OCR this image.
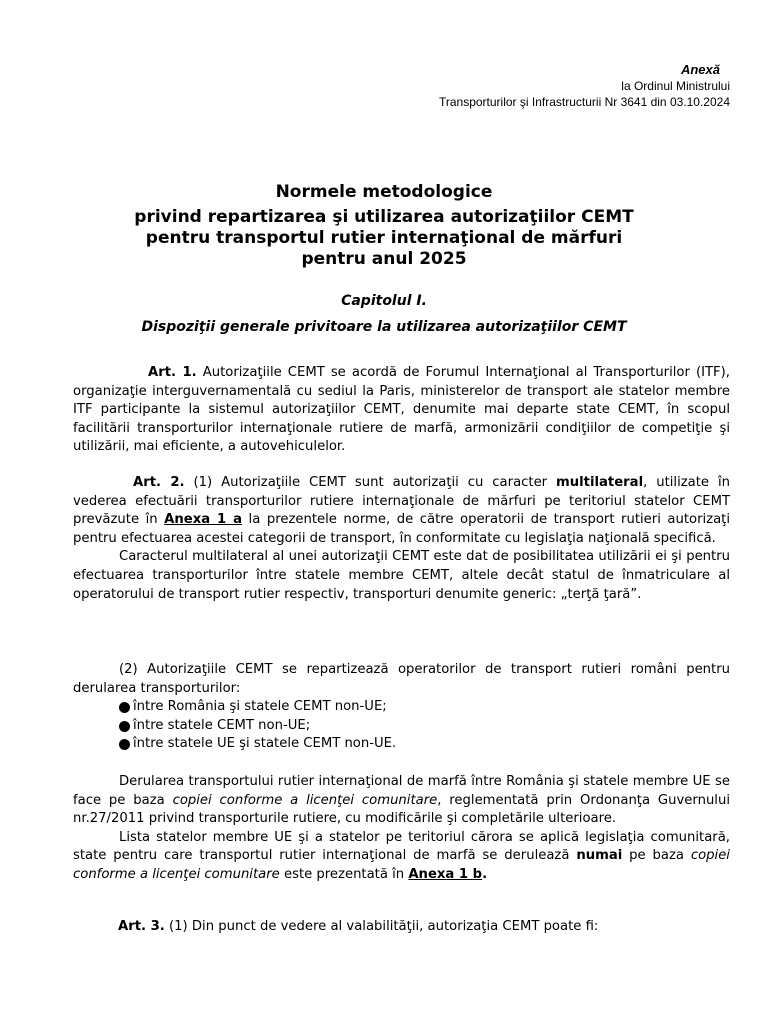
Anexă
la Ordinul Ministrului
Transporturilor şi Infrastructurii Nr 3641 din 03.10.2024
Normele metodologice
privind repartizarea şi utilizarea autorizaţiilor CEMT
pentru transportul rutier internaţional de mărfuri
pentru anul 2025
Capitolul I.
Dispoziţii generale privitoare la utilizarea autorizaţiilor CEMT

Art. 1. Autorizaţiile CEMT se acordă de Forumul Internaţional al Transporturilor (ITF), organizaţie interguvernamentală cu sediul la Paris, ministerelor de transport ale statelor membre ITF participante la sistemul autorizaţiilor CEMT, denumite mai departe state CEMT, în scopul facilitării transporturilor internaţionale rutiere de marfă, armonizării condiţiilor de competiţie şi utilizării, mai eficiente, a autovehiculelor.

Art. 2. (1) Autorizaţiile CEMT sunt autorizaţii cu caracter multilateral, utilizate în vederea efectuării transporturilor rutiere internaţionale de mărfuri pe teritoriul statelor CEMT prevăzute în Anexa 1 a la prezentele norme, de către operatorii de transport rutieri autorizaţi pentru efectuarea acestei categorii de transport, în conformitate cu legislaţia naţională specifică.

Caracterul multilateral al unei autorizaţii CEMT este dat de posibilitatea utilizării ei şi pentru efectuarea transporturilor între statele membre CEMT, altele decât statul de înmatriculare al operatorului de transport rutier respectiv, transporturi denumite generic: „terţă ţară”.

(2) Autorizaţiile CEMT se repartizează operatorilor de transport rutieri români pentru derularea transporturilor:

între România şi statele CEMT non-UE;
între statele CEMT non-UE;
între statele UE şi statele CEMT non-UE.

Derularea transportului rutier internaţional de marfă între România şi statele membre UE se face pe baza copiei conforme a licenţei comunitare, reglementată prin Ordonanţa Guvernului nr.27/2011 privind transporturile rutiere, cu modificările şi completările ulterioare.

Lista statelor membre UE şi a statelor pe teritoriul cărora se aplică legislaţia comunitară, state pentru care transportul rutier internaţional de marfă se derulează numai pe baza copiei conforme a licenţei comunitare este prezentată în Anexa 1 b.

Art. 3. (1) Din punct de vedere al valabilităţii, autorizaţia CEMT poate fi:
